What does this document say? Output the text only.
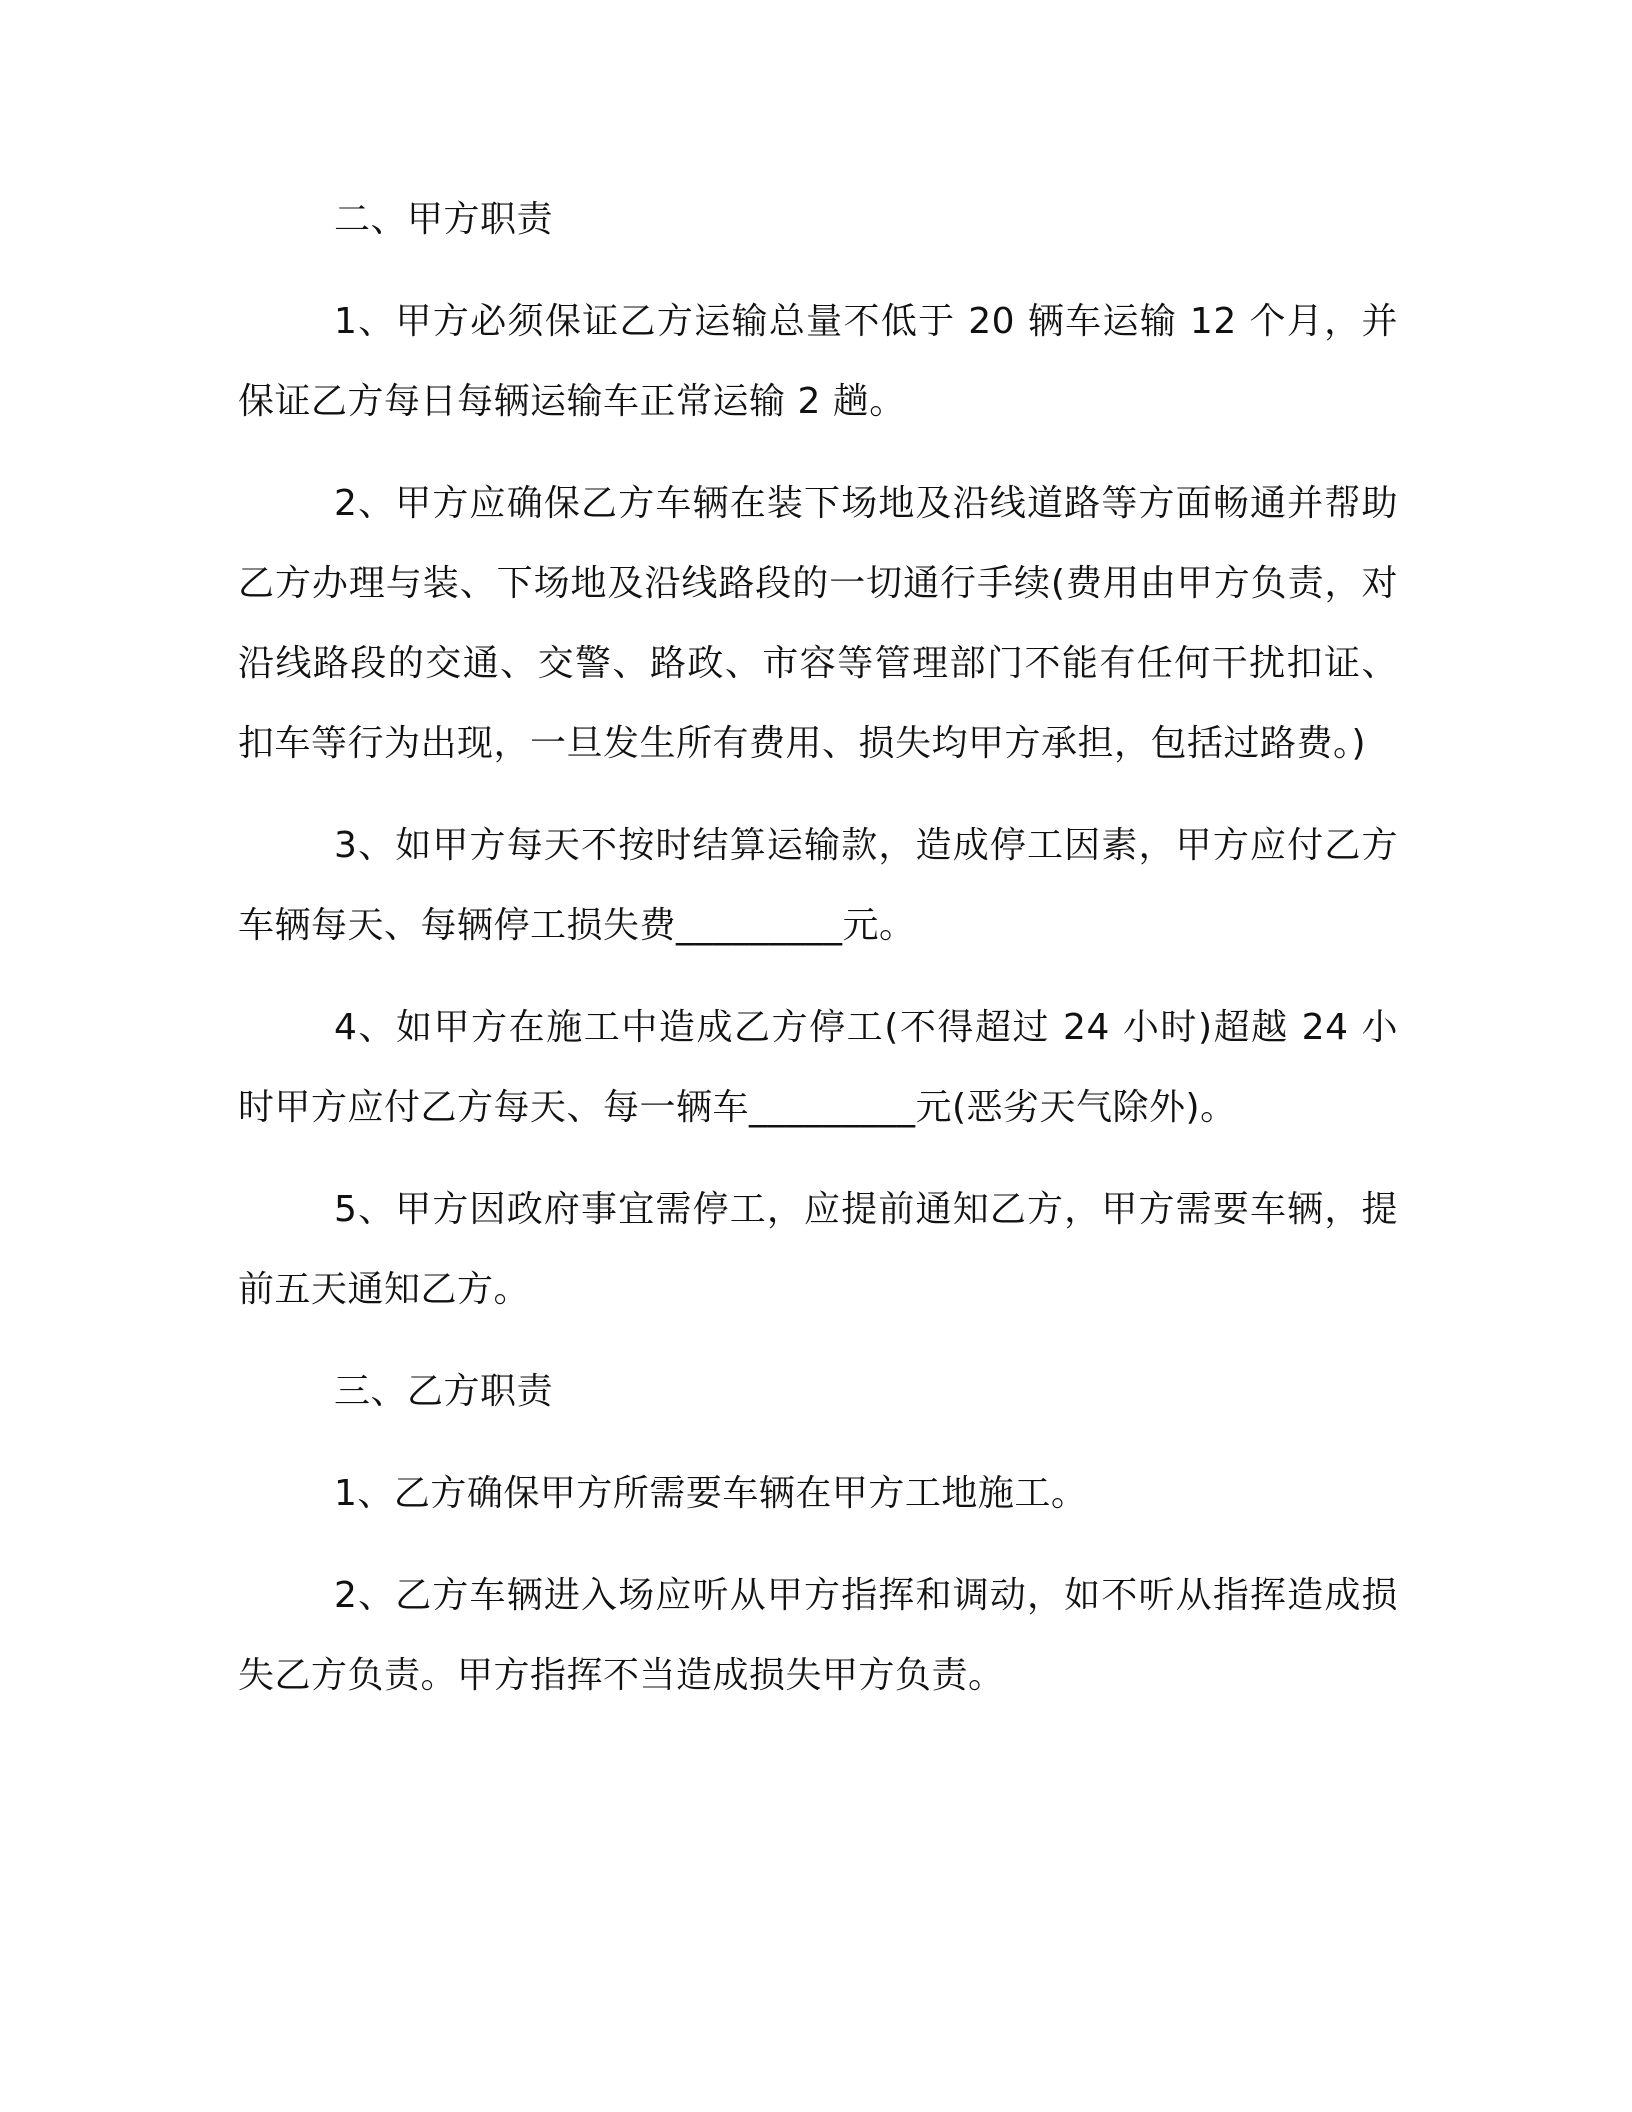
二、甲方职责

1、甲方必须保证乙方运输总量不低于 20 辆车运输 12 个月，并保证乙方每日每辆运输车正常运输 2 趟。

2、甲方应确保乙方车辆在装下场地及沿线道路等方面畅通并帮助乙方办理与装、下场地及沿线路段的一切通行手续(费用由甲方负责，对沿线路段的交通、交警、路政、市容等管理部门不能有任何干扰扣证、扣车等行为出现，一旦发生所有费用、损失均甲方承担，包括过路费。)

3、如甲方每天不按时结算运输款，造成停工因素，甲方应付乙方车辆每天、每辆停工损失费_________元。

4、如甲方在施工中造成乙方停工(不得超过 24 小时)超越 24 小时甲方应付乙方每天、每一辆车_________元(恶劣天气除外)。

5、甲方因政府事宜需停工，应提前通知乙方，甲方需要车辆，提前五天通知乙方。

三、乙方职责

1、乙方确保甲方所需要车辆在甲方工地施工。

2、乙方车辆进入场应听从甲方指挥和调动，如不听从指挥造成损失乙方负责。甲方指挥不当造成损失甲方负责。
